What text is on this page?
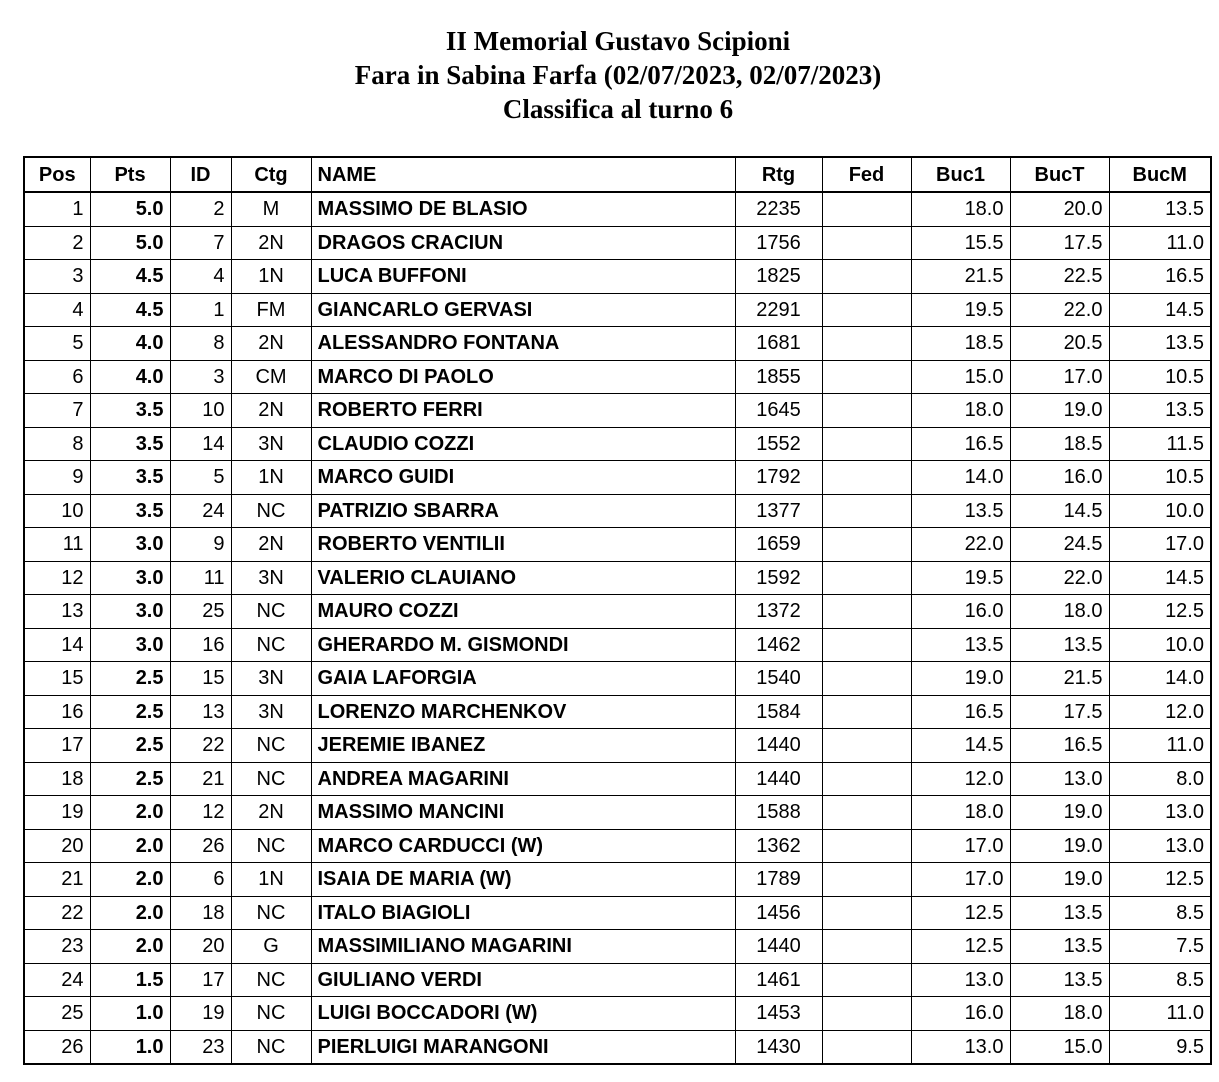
II Memorial Gustavo Scipioni
Fara in Sabina Farfa (02/07/2023, 02/07/2023)
Classifica al turno 6
Pos	Pts	ID	Ctg	NAME	Rtg	Fed	Buc1	BucT	BucM
1	5.0	2	M	MASSIMO DE BLASIO	2235		18.0	20.0	13.5
2	5.0	7	2N	DRAGOS CRACIUN	1756		15.5	17.5	11.0
3	4.5	4	1N	LUCA BUFFONI	1825		21.5	22.5	16.5
4	4.5	1	FM	GIANCARLO GERVASI	2291		19.5	22.0	14.5
5	4.0	8	2N	ALESSANDRO FONTANA	1681		18.5	20.5	13.5
6	4.0	3	CM	MARCO DI PAOLO	1855		15.0	17.0	10.5
7	3.5	10	2N	ROBERTO FERRI	1645		18.0	19.0	13.5
8	3.5	14	3N	CLAUDIO COZZI	1552		16.5	18.5	11.5
9	3.5	5	1N	MARCO GUIDI	1792		14.0	16.0	10.5
10	3.5	24	NC	PATRIZIO SBARRA	1377		13.5	14.5	10.0
11	3.0	9	2N	ROBERTO VENTILII	1659		22.0	24.5	17.0
12	3.0	11	3N	VALERIO CLAUIANO	1592		19.5	22.0	14.5
13	3.0	25	NC	MAURO COZZI	1372		16.0	18.0	12.5
14	3.0	16	NC	GHERARDO M. GISMONDI	1462		13.5	13.5	10.0
15	2.5	15	3N	GAIA LAFORGIA	1540		19.0	21.5	14.0
16	2.5	13	3N	LORENZO MARCHENKOV	1584		16.5	17.5	12.0
17	2.5	22	NC	JEREMIE IBANEZ	1440		14.5	16.5	11.0
18	2.5	21	NC	ANDREA MAGARINI	1440		12.0	13.0	8.0
19	2.0	12	2N	MASSIMO MANCINI	1588		18.0	19.0	13.0
20	2.0	26	NC	MARCO CARDUCCI (W)	1362		17.0	19.0	13.0
21	2.0	6	1N	ISAIA DE MARIA (W)	1789		17.0	19.0	12.5
22	2.0	18	NC	ITALO BIAGIOLI	1456		12.5	13.5	8.5
23	2.0	20	G	MASSIMILIANO MAGARINI	1440		12.5	13.5	7.5
24	1.5	17	NC	GIULIANO VERDI	1461		13.0	13.5	8.5
25	1.0	19	NC	LUIGI BOCCADORI (W)	1453		16.0	18.0	11.0
26	1.0	23	NC	PIERLUIGI MARANGONI	1430		13.0	15.0	9.5
